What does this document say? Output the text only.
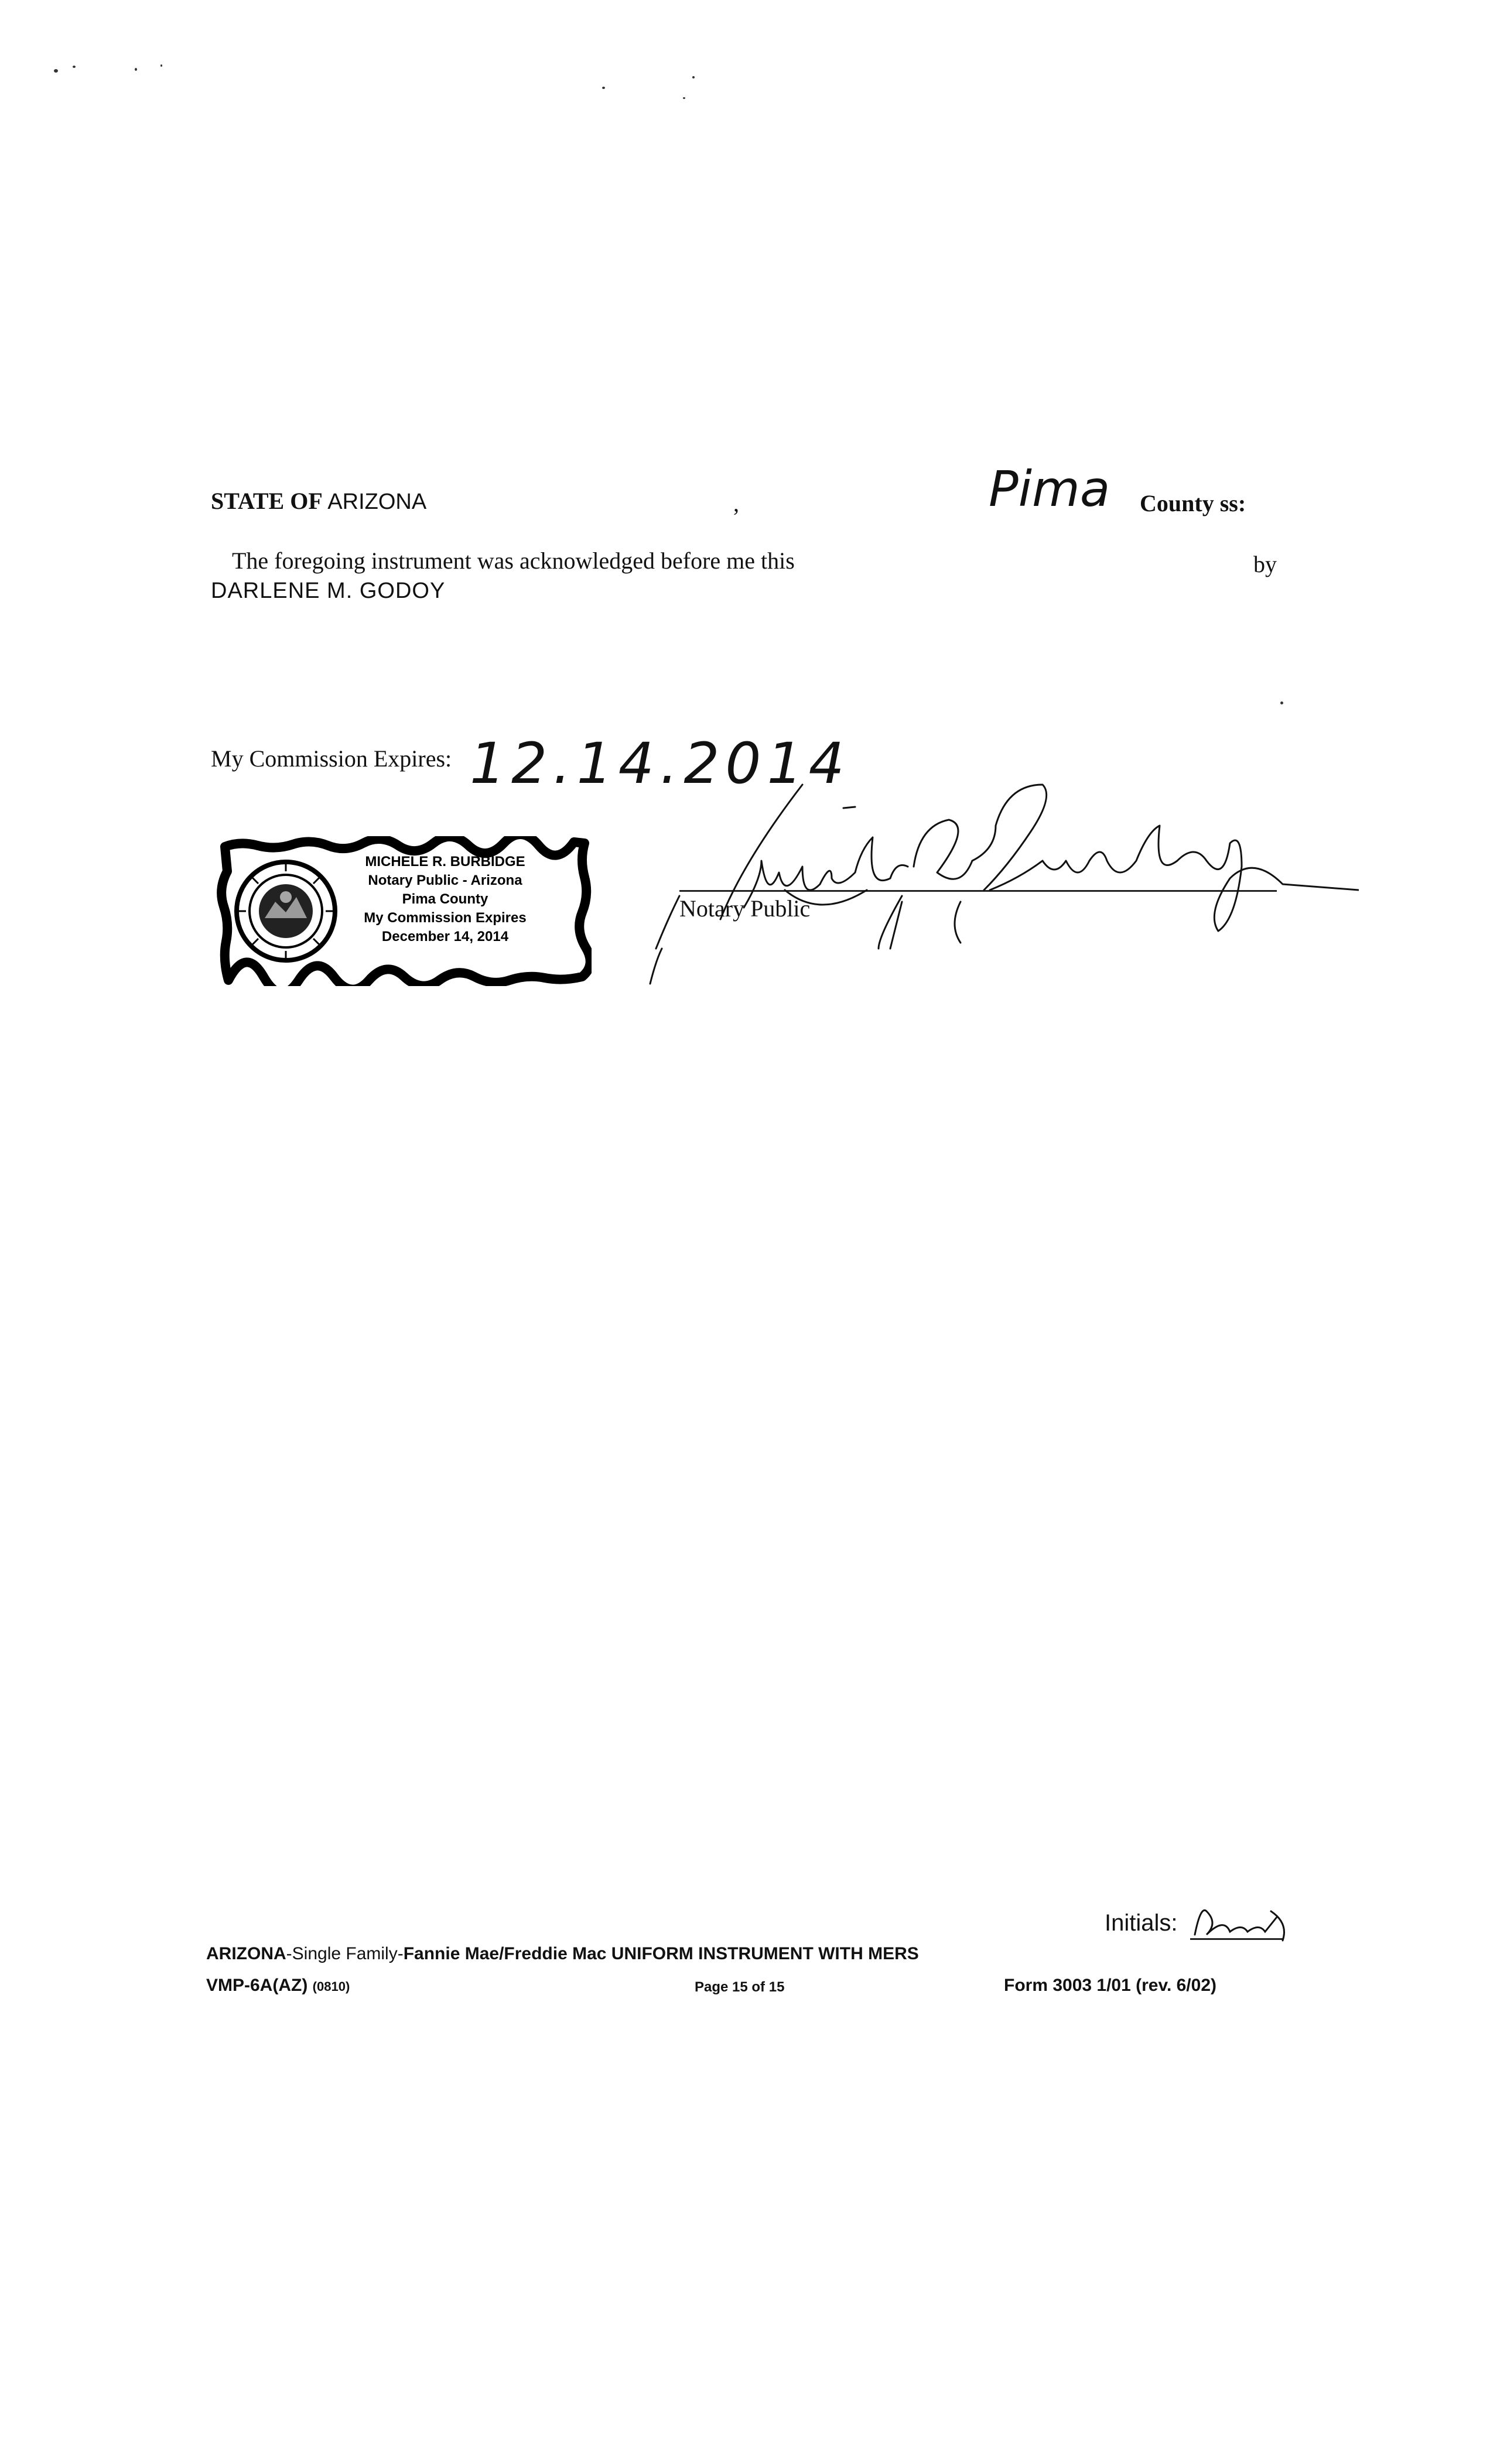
STATE OF ARIZONA	,	Pima County ss:
The foregoing instrument was acknowledged before me this	by
DARLENE M. GODOY
My Commission Expires: 12.14.2014
MICHELE R. BURBIDGE
Notary Public - Arizona
Pima County
My Commission Expires
December 14, 2014
Notary Public
Initials:
ARIZONA-Single Family-Fannie Mae/Freddie Mac UNIFORM INSTRUMENT WITH MERS
VMP-6A(AZ) (0810)	Page 15 of 15	Form 3003 1/01 (rev. 6/02)
